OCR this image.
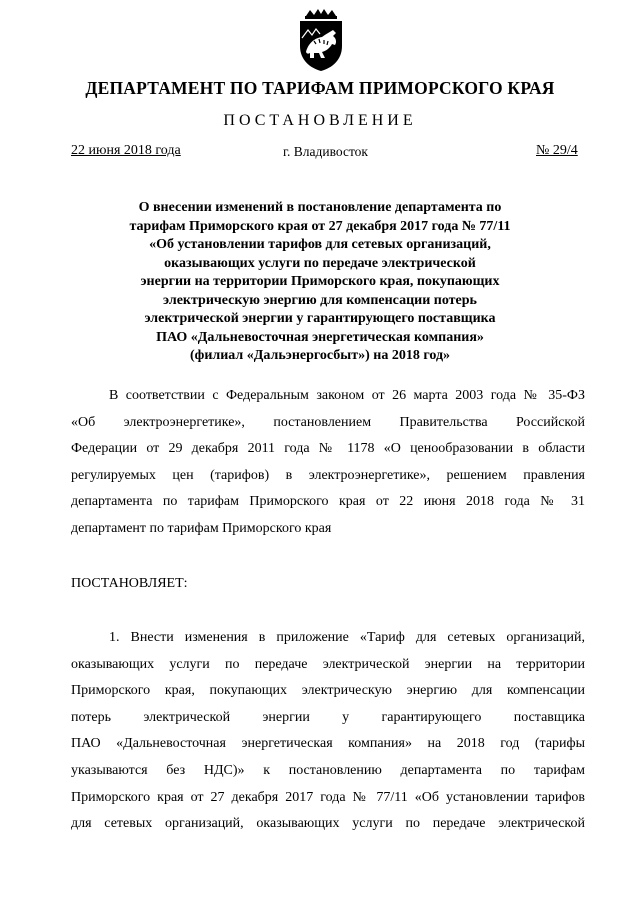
ДЕПАРТАМЕНТ ПО ТАРИФАМ ПРИМОРСКОГО КРАЯ
ПОСТАНОВЛЕНИЕ
22 июня 2018 года	г. Владивосток	№ 29/4
О внесении изменений в постановление департамента по
тарифам Приморского края от 27 декабря 2017 года № 77/11
«Об установлении тарифов для сетевых организаций,
оказывающих услуги по передаче электрической
энергии на территории Приморского края, покупающих
электрическую энергию для компенсации потерь
электрической энергии у гарантирующего поставщика
ПАО «Дальневосточная энергетическая компания»
(филиал «Дальэнергосбыт») на 2018 год»
В соответствии с Федеральным законом от 26 марта 2003 года № 35-ФЗ
«Об электроэнергетике», постановлением Правительства Российской
Федерации от 29 декабря 2011 года № 1178 «О ценообразовании в области
регулируемых цен (тарифов) в электроэнергетике», решением правления
департамента по тарифам Приморского края от 22 июня 2018 года № 31
департамент по тарифам Приморского края
ПОСТАНОВЛЯЕТ:
1. Внести изменения в приложение «Тариф для сетевых организаций,
оказывающих услуги по передаче электрической энергии на территории
Приморского края, покупающих электрическую энергию для компенсации
потерь электрической энергии у гарантирующего поставщика
ПАО «Дальневосточная энергетическая компания» на 2018 год (тарифы
указываются без НДС)» к постановлению департамента по тарифам
Приморского края от 27 декабря 2017 года № 77/11 «Об установлении тарифов
для сетевых организаций, оказывающих услуги по передаче электрической
